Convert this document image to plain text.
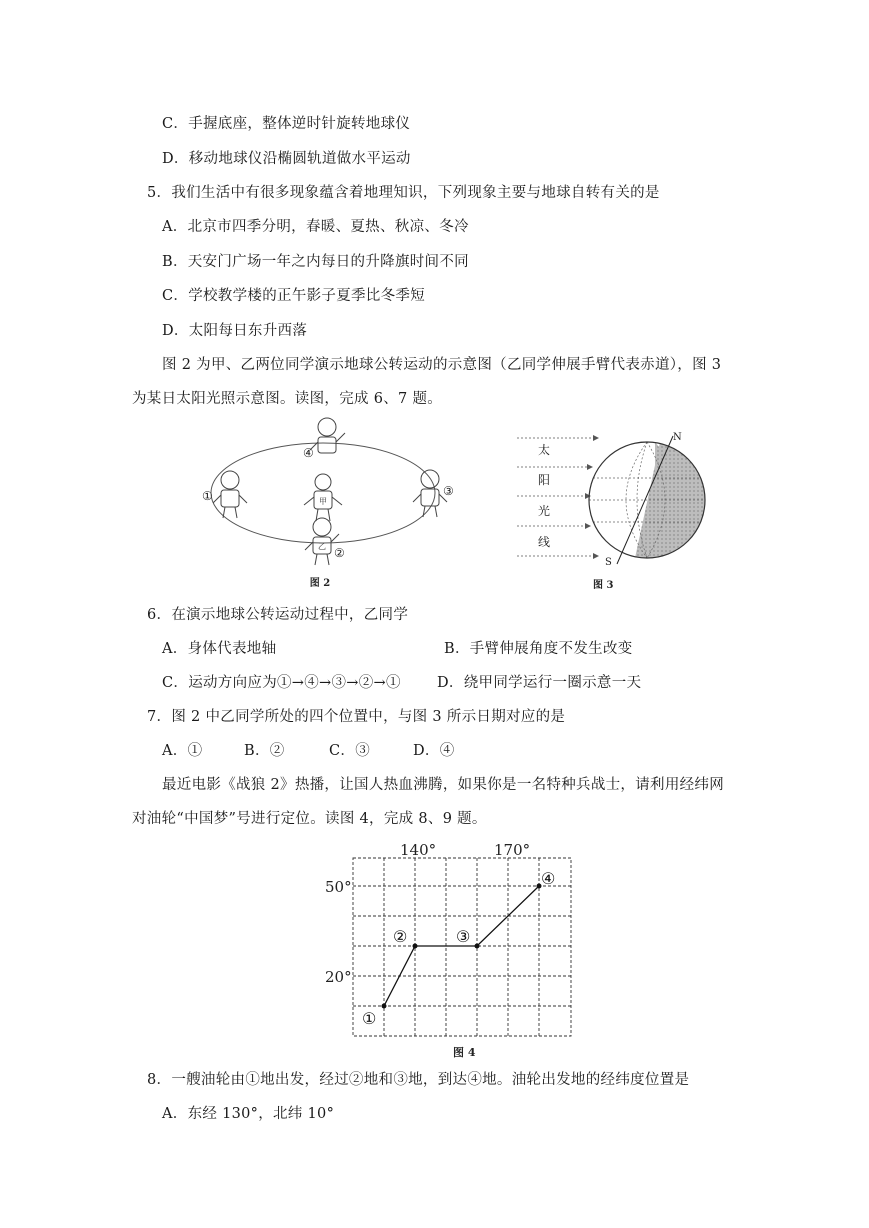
C．手握底座，整体逆时针旋转地球仪
D．移动地球仪沿椭圆轨道做水平运动
5．我们生活中有很多现象蕴含着地理知识，下列现象主要与地球自转有关的是
A．北京市四季分明，春暖、夏热、秋凉、冬冷
B．天安门广场一年之内每日的升降旗时间不同
C．学校教学楼的正午影子夏季比冬季短
D．太阳每日东升西落
图 2 为甲、乙两位同学演示地球公转运动的示意图（乙同学伸展手臂代表赤道），图 3
为某日太阳光照示意图。读图，完成 6、7 题。
甲
①	③
④
乙 ②
图 2
太
阳
光
线
N
S
图 3
6．在演示地球公转运动过程中，乙同学
A．身体代表地轴	B．手臂伸展角度不发生改变
C．运动方向应为①→④→③→②→① D．绕甲同学运行一圈示意一天
7．图 2 中乙同学所处的四个位置中，与图 3 所示日期对应的是
A．①	B．②	C．③	D．④
最近电影《战狼 2》热播，让国人热血沸腾，如果你是一名特种兵战士，请利用经纬网
对油轮“中国梦”号进行定位。读图 4，完成 8、9 题。
140°	170°
50°
20°
①
②	③
④
图 4
8．一艘油轮由①地出发，经过②地和③地，到达④地。油轮出发地的经纬度位置是
A．东经 130°，北纬 10°
